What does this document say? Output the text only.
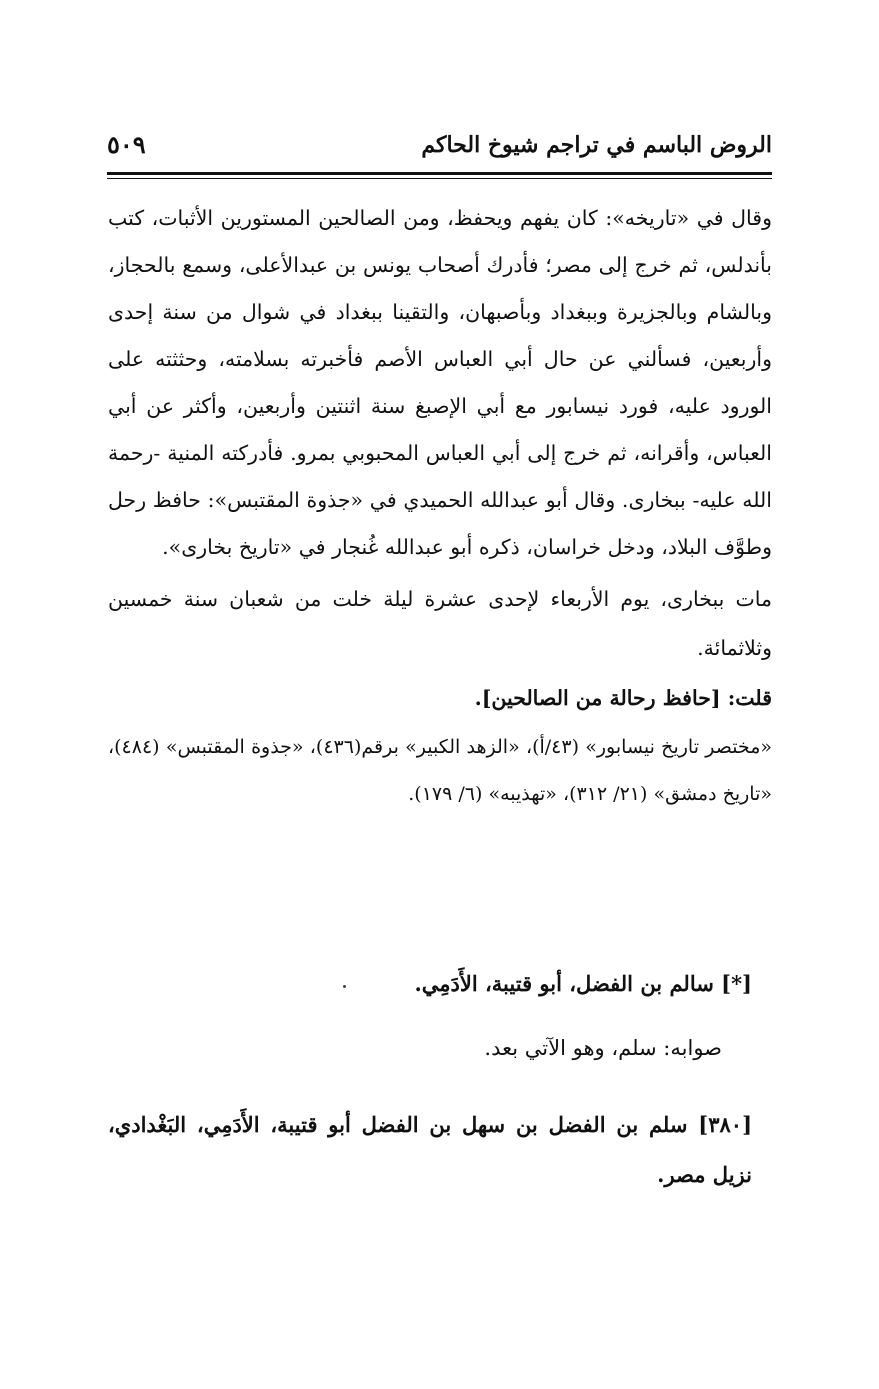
الروض الباسم في تراجم شيوخ الحاكم
٥٠٩

وقال في «تاريخه»: كان يفهم ويحفظ، ومن الصالحين المستورين الأثبات، كتب بأندلس، ثم خرج إلى مصر؛ فأدرك أصحاب يونس بن عبدالأعلى، وسمع بالحجاز، وبالشام وبالجزيرة وببغداد وبأصبهان، والتقينا ببغداد في شوال من سنة إحدى وأربعين، فسألني عن حال أبي العباس الأصم فأخبرته بسلامته، وحثثته على الورود عليه، فورد نيسابور مع أبي الإصبغ سنة اثنتين وأربعين، وأكثر عن أبي العباس، وأقرانه، ثم خرج إلى أبي العباس المحبوبي بمرو. فأدركته المنية -رحمة الله عليه- ببخارى. وقال أبو عبدالله الحميدي في «جذوة المقتبس»: حافظ رحل وطوَّف البلاد، ودخل خراسان، ذكره أبو عبدالله غُنجار في «تاريخ بخارى».

مات ببخارى، يوم الأربعاء لإحدى عشرة ليلة خلت من شعبان سنة خمسين وثلاثمائة.

قلت: [حافظ رحالة من الصالحين].

«مختصر تاريخ نيسابور» (٤٣/أ)، «الزهد الكبير» برقم(٤٣٦)، «جذوة المقتبس» (٤٨٤)، «تاريخ دمشق» (٢١/ ٣١٢)، «تهذيبه» (٦/ ١٧٩).

[*] سالم بن الفضل، أبو قتيبة، الأَدَمِي.
صوابه: سلم، وهو الآتي بعد.
[٣٨٠] سلم بن الفضل بن سهل بن الفضل أبو قتيبة، الأَدَمِي، البَغْدادي، نزيل مصر.
